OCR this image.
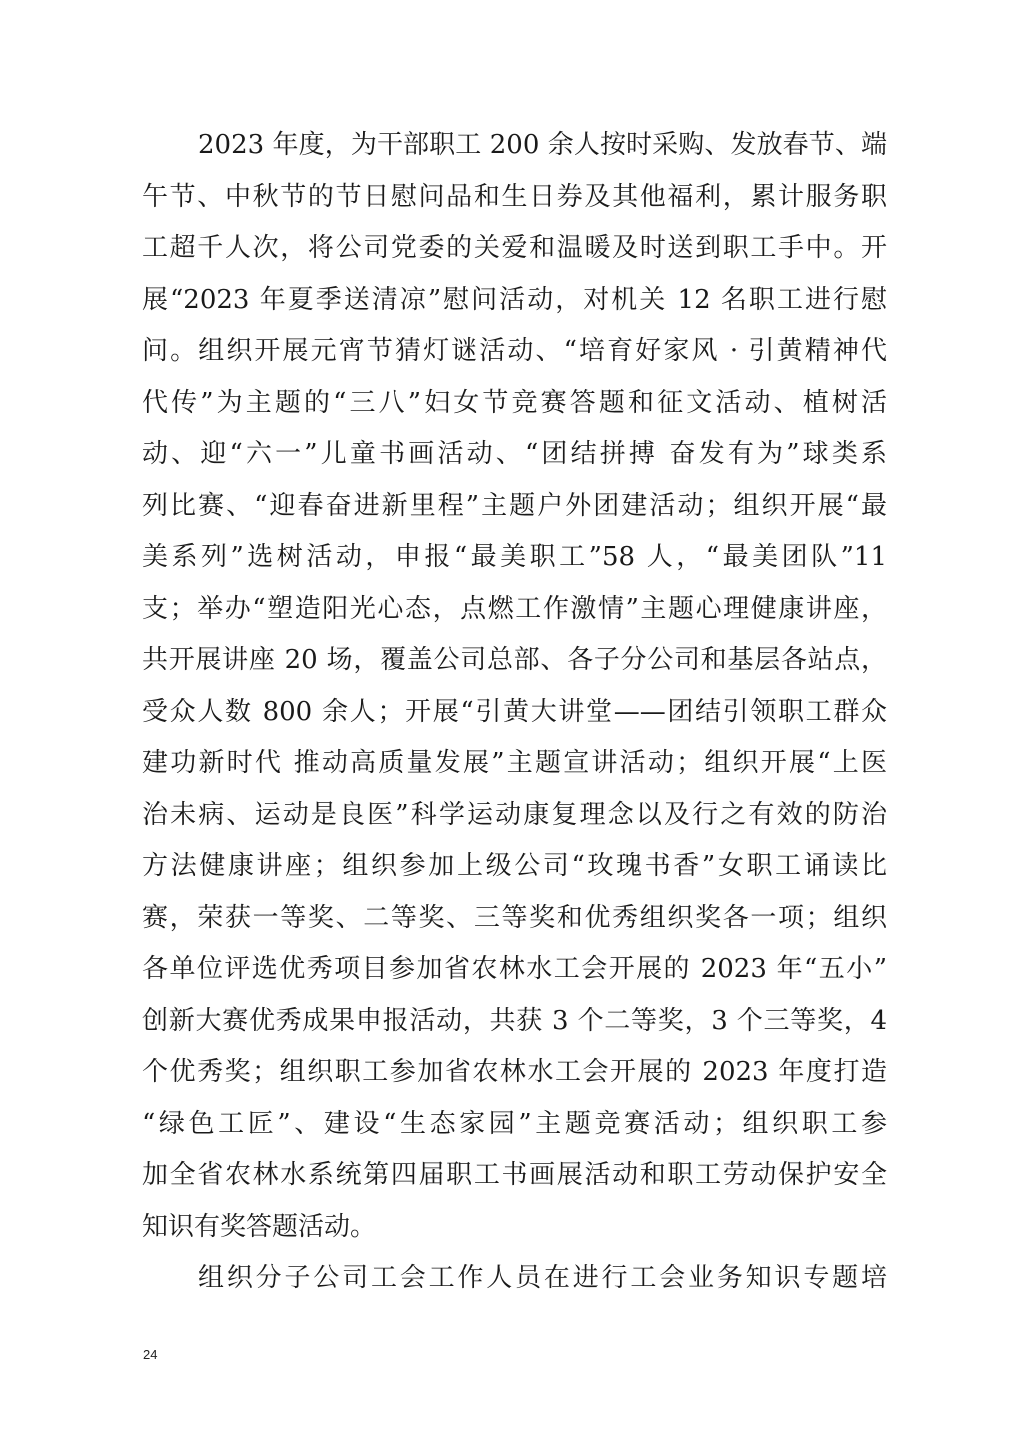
2023 年度，为干部职工 200 余人按时采购、发放春节、端
午节、中秋节的节日慰问品和生日券及其他福利，累计服务职
工超千人次，将公司党委的关爱和温暖及时送到职工手中。开
展“2023 年夏季送清凉”慰问活动，对机关 12 名职工进行慰
问。组织开展元宵节猜灯谜活动、“培育好家风 · 引黄精神代
代传”为主题的“三八”妇女节竞赛答题和征文活动、植树活
动、迎“六一”儿童书画活动、“团结拼搏 奋发有为”球类系
列比赛、“迎春奋进新里程”主题户外团建活动；组织开展“最
美系列”选树活动，申报“最美职工”58 人，“最美团队”11
支；举办“塑造阳光心态，点燃工作激情”主题心理健康讲座，
共开展讲座 20 场，覆盖公司总部、各子分公司和基层各站点，
受众人数 800 余人；开展“引黄大讲堂——团结引领职工群众
建功新时代 推动高质量发展”主题宣讲活动；组织开展“上医
治未病、运动是良医”科学运动康复理念以及行之有效的防治
方法健康讲座；组织参加上级公司“玫瑰书香”女职工诵读比
赛，荣获一等奖、二等奖、三等奖和优秀组织奖各一项；组织
各单位评选优秀项目参加省农林水工会开展的 2023 年“五小”
创新大赛优秀成果申报活动，共获 3 个二等奖，3 个三等奖，4
个优秀奖；组织职工参加省农林水工会开展的 2023 年度打造
“绿色工匠”、建设“生态家园”主题竞赛活动；组织职工参
加全省农林水系统第四届职工书画展活动和职工劳动保护安全
知识有奖答题活动。
组织分子公司工会工作人员在进行工会业务知识专题培
24
